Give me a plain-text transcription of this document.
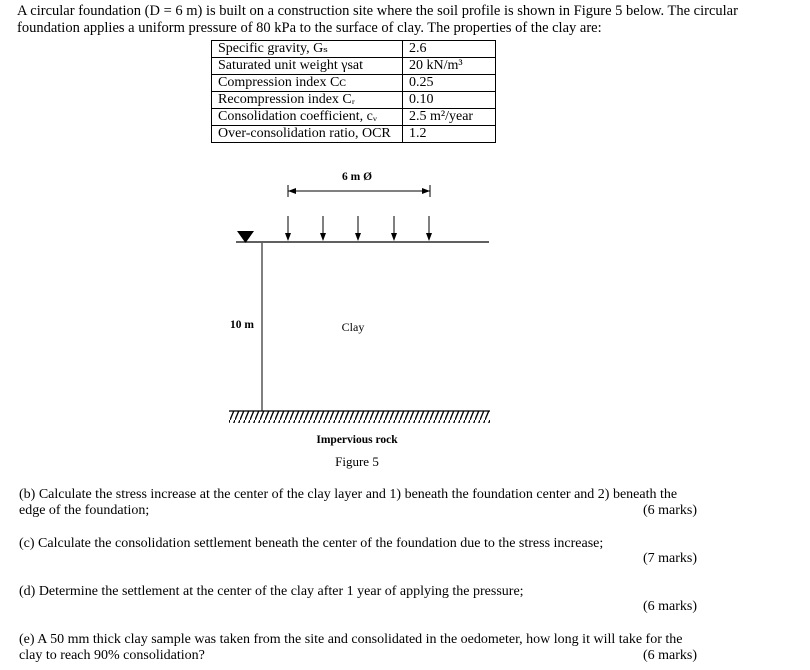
A circular foundation (D = 6 m) is built on a construction site where the soil profile is shown in Figure 5 below. The circular foundation applies a uniform pressure of 80 kPa to the surface of clay. The properties of the clay are:
Specific gravity, Gₛ	2.6
Saturated unit weight γsat	20 kN/m³
Compression index Cᴄ	0.25
Recompression index Cᵣ	0.10
Consolidation coefficient, cᵥ	2.5 m²/year
Over-consolidation ratio, OCR	1.2
6 m Ø
10 m	Clay
Impervious rock
Figure 5
(b) Calculate the stress increase at the center of the clay layer and 1) beneath the foundation center and 2) beneath the edge of the foundation;	(6 marks)
(c) Calculate the consolidation settlement beneath the center of the foundation due to the stress increase;
(7 marks)
(d) Determine the settlement at the center of the clay after 1 year of applying the pressure;
(6 marks)
(e) A 50 mm thick clay sample was taken from the site and consolidated in the oedometer, how long it will take for the clay to reach 90% consolidation?	(6 marks)
